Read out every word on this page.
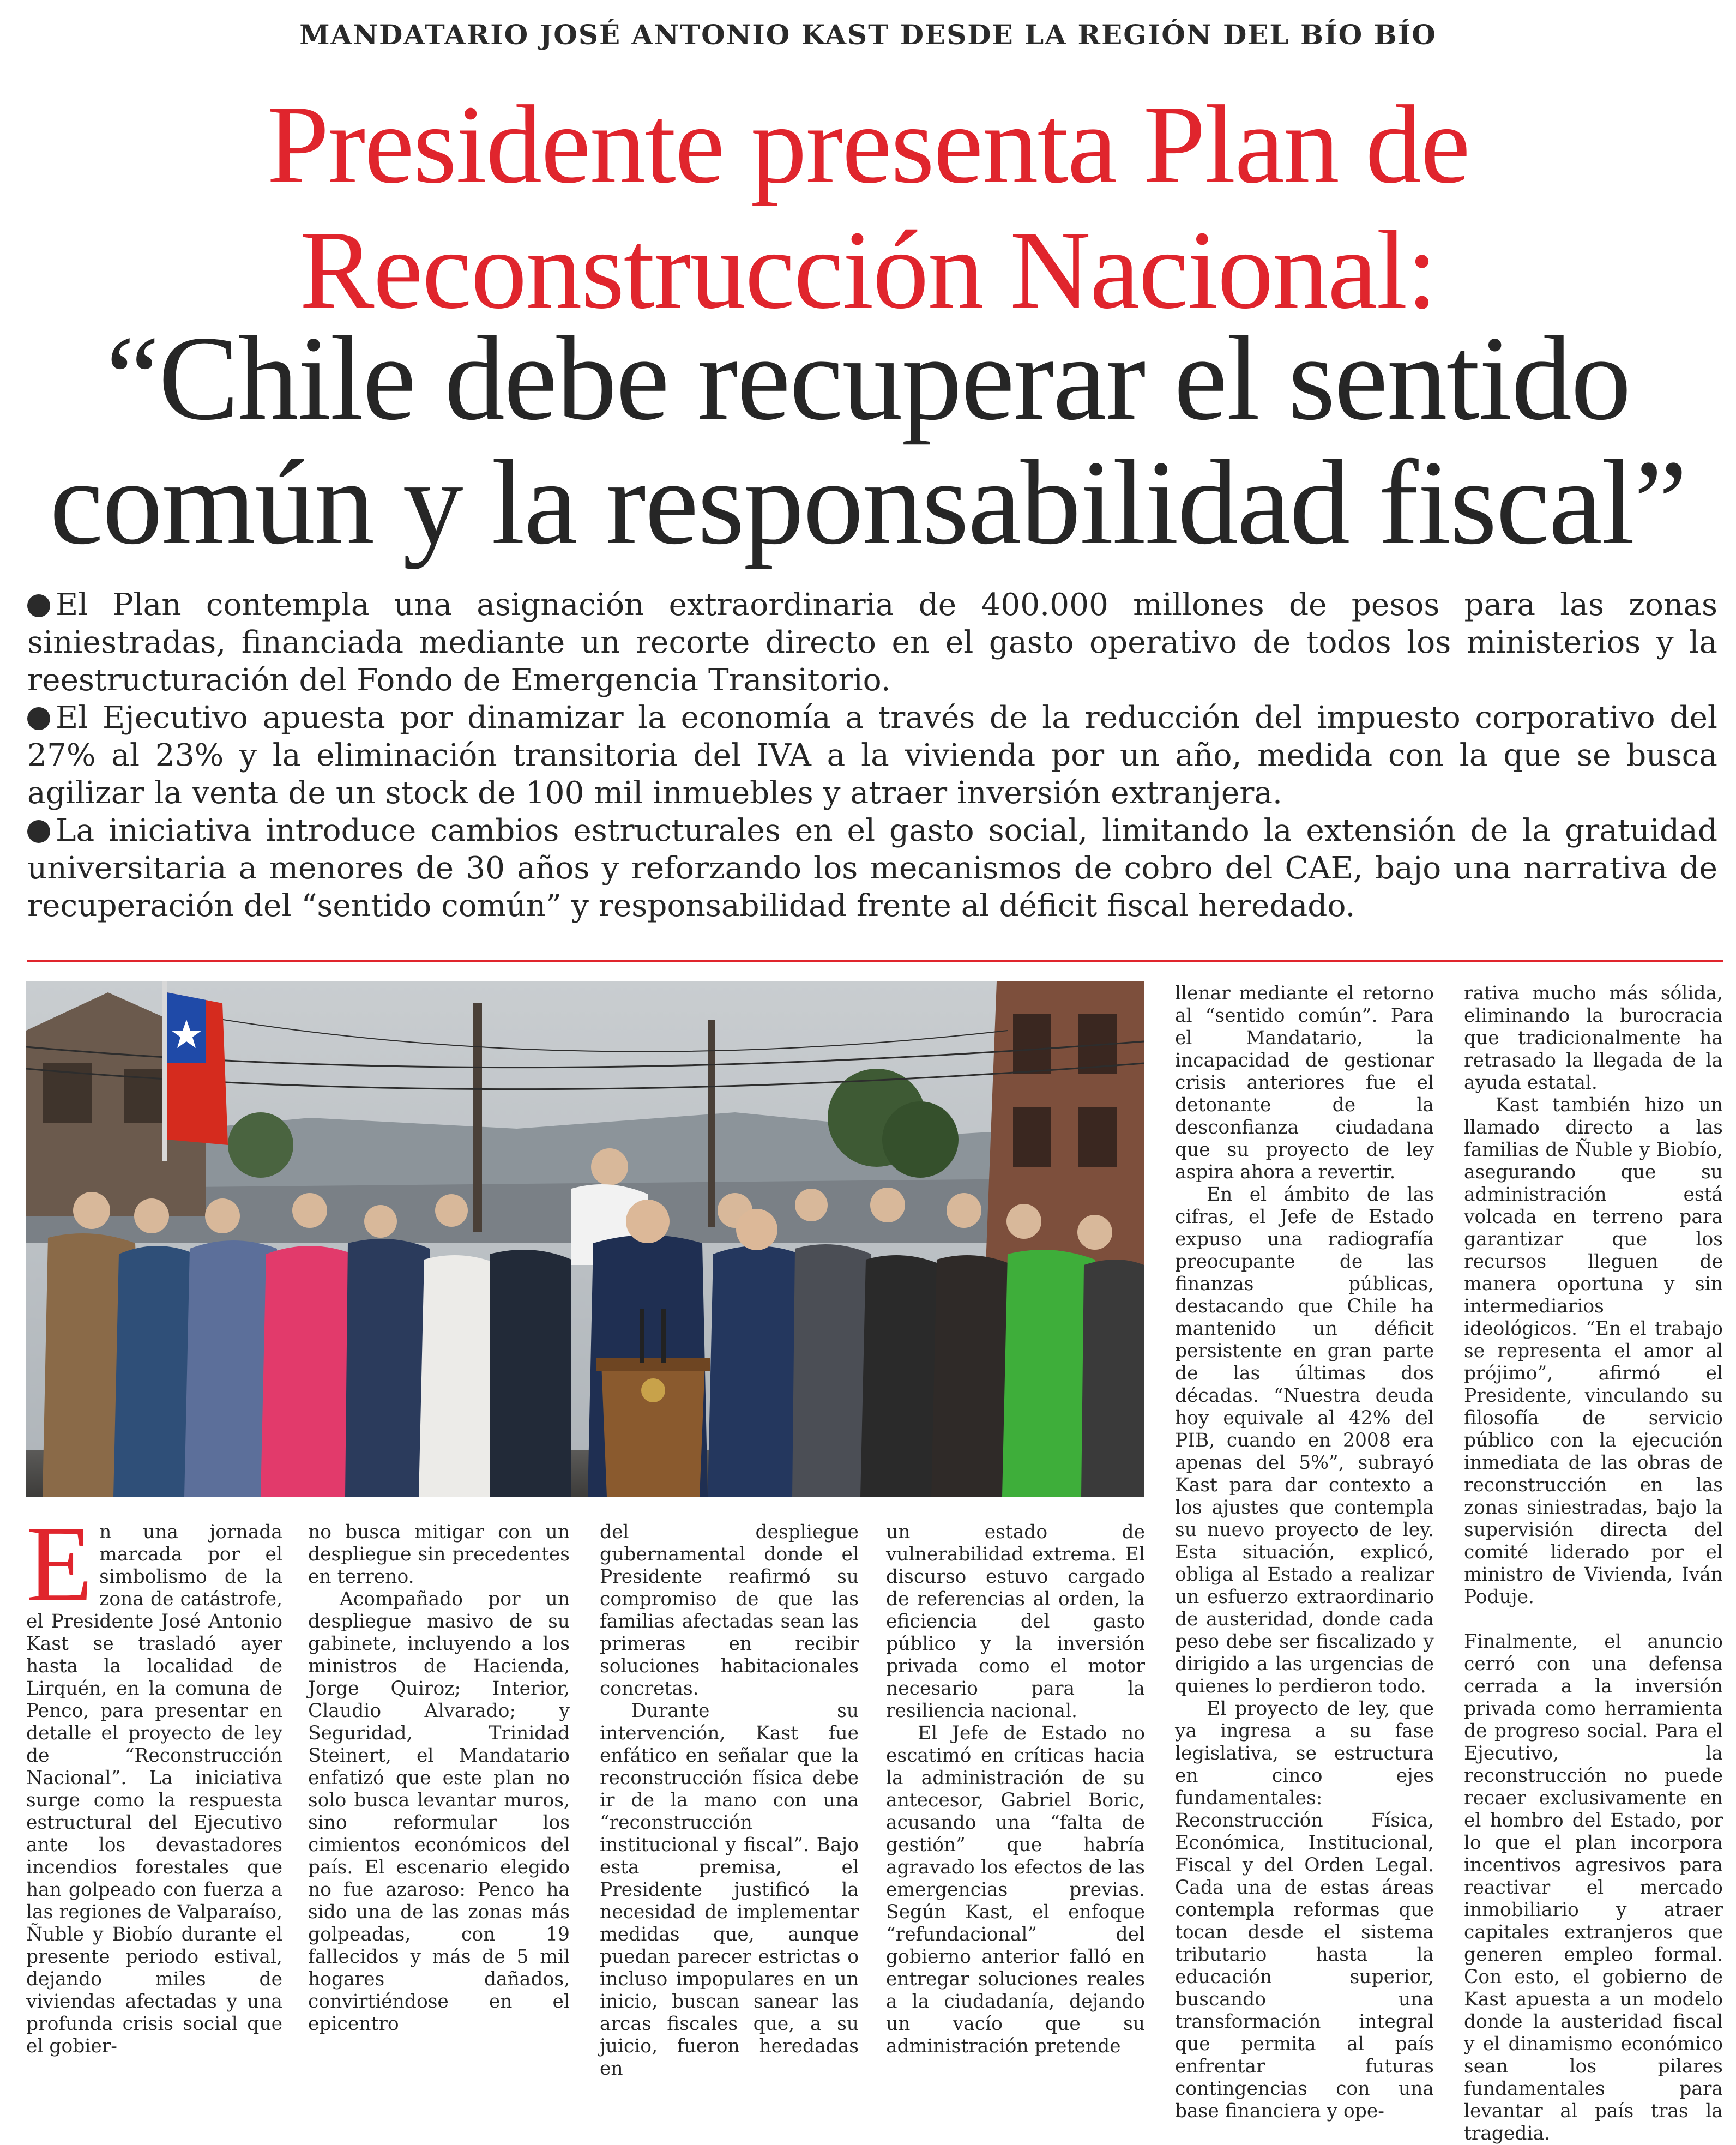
MANDATARIO JOSÉ ANTONIO KAST DESDE LA REGIÓN DEL BÍO BÍO
Presidente presenta Plan de
Reconstrucción Nacional:
“Chile debe recuperar el sentido
común y la responsabilidad fiscal”

El Plan contempla una asignación extraordinaria de 400.000 millones de pesos para las zonas siniestradas, financiada mediante un recorte directo en el gasto operativo de todos los ministerios y la reestructuración del Fondo de Emergencia Transitorio.

El Ejecutivo apuesta por dinamizar la economía a través de la reducción del impuesto corporativo del 27% al 23% y la eliminación transitoria del IVA a la vivienda por un año, medida con la que se busca agilizar la venta de un stock de 100 mil inmuebles y atraer inversión extranjera.

La iniciativa introduce cambios estructurales en el gasto social, limitando la extensión de la gratuidad universitaria a menores de 30 años y reforzando los mecanismos de cobro del CAE, bajo una narrativa de recuperación del “sentido común” y responsabilidad frente al déficit fiscal heredado.

En una jornada marcada por el simbolismo de la zona de catástrofe, el Presidente José Antonio Kast se trasladó ayer hasta la localidad de Lirquén, en la comuna de Penco, para presentar en detalle el proyecto de ley de “Reconstrucción Nacional”. La iniciativa surge como la respuesta estructural del Ejecutivo ante los devastadores incendios forestales que han golpeado con fuerza a las regiones de Valparaíso, Ñuble y Biobío durante el presente periodo estival, dejando miles de viviendas afectadas y una profunda crisis social que el gobier-

no busca mitigar con un despliegue sin precedentes en terreno.

Acompañado por un despliegue masivo de su gabinete, incluyendo a los ministros de Hacienda, Jorge Quiroz; Interior, Claudio Alvarado; y Seguridad, Trinidad Steinert, el Mandatario enfatizó que este plan no solo busca levantar muros, sino reformular los cimientos económicos del país. El escenario elegido no fue azaroso: Penco ha sido una de las zonas más golpeadas, con 19 fallecidos y más de 5 mil hogares dañados, convirtiéndose en el epicentro

del despliegue gubernamental donde el Presidente reafirmó su compromiso de que las familias afectadas sean las primeras en recibir soluciones habitacionales concretas.

Durante su intervención, Kast fue enfático en señalar que la reconstrucción física debe ir de la mano con una “reconstrucción institucional y fiscal”. Bajo esta premisa, el Presidente justificó la necesidad de implementar medidas que, aunque puedan parecer estrictas o incluso impopulares en un inicio, buscan sanear las arcas fiscales que, a su juicio, fueron heredadas en

un estado de vulnerabilidad extrema. El discurso estuvo cargado de referencias al orden, la eficiencia del gasto público y la inversión privada como el motor necesario para la resiliencia nacional.

El Jefe de Estado no escatimó en críticas hacia la administración de su antecesor, Gabriel Boric, acusando una “falta de gestión” que habría agravado los efectos de las emergencias previas. Según Kast, el enfoque “refundacional” del gobierno anterior falló en entregar soluciones reales a la ciudadanía, dejando un vacío que su administración pretende

llenar mediante el retorno al “sentido común”. Para el Mandatario, la incapacidad de gestionar crisis anteriores fue el detonante de la desconfianza ciudadana que su proyecto de ley aspira ahora a revertir.

En el ámbito de las cifras, el Jefe de Estado expuso una radiografía preocupante de las finanzas públicas, destacando que Chile ha mantenido un déficit persistente en gran parte de las últimas dos décadas. “Nuestra deuda hoy equivale al 42% del PIB, cuando en 2008 era apenas del 5%”, subrayó Kast para dar contexto a los ajustes que contempla su nuevo proyecto de ley. Esta situación, explicó, obliga al Estado a realizar un esfuerzo extraordinario de austeridad, donde cada peso debe ser fiscalizado y dirigido a las urgencias de quienes lo perdieron todo.

El proyecto de ley, que ya ingresa a su fase legislativa, se estructura en cinco ejes fundamentales: Reconstrucción Física, Económica, Institucional, Fiscal y del Orden Legal. Cada una de estas áreas contempla reformas que tocan desde el sistema tributario hasta la educación superior, buscando una transformación integral que permita al país enfrentar futuras contingencias con una base financiera y ope-

rativa mucho más sólida, eliminando la burocracia que tradicionalmente ha retrasado la llegada de la ayuda estatal.

Kast también hizo un llamado directo a las familias de Ñuble y Biobío, asegurando que su administración está volcada en terreno para garantizar que los recursos lleguen de manera oportuna y sin intermediarios ideológicos. “En el trabajo se representa el amor al prójimo”, afirmó el Presidente, vinculando su filosofía de servicio público con la ejecución inmediata de las obras de reconstrucción en las zonas siniestradas, bajo la supervisión directa del comité liderado por el ministro de Vivienda, Iván Poduje.

Finalmente, el anuncio cerró con una defensa cerrada a la inversión privada como herramienta de progreso social. Para el Ejecutivo, la reconstrucción no puede recaer exclusivamente en el hombro del Estado, por lo que el plan incorpora incentivos agresivos para reactivar el mercado inmobiliario y atraer capitales extranjeros que generen empleo formal. Con esto, el gobierno de Kast apuesta a un modelo donde la austeridad fiscal y el dinamismo económico sean los pilares fundamentales para levantar al país tras la tragedia.
